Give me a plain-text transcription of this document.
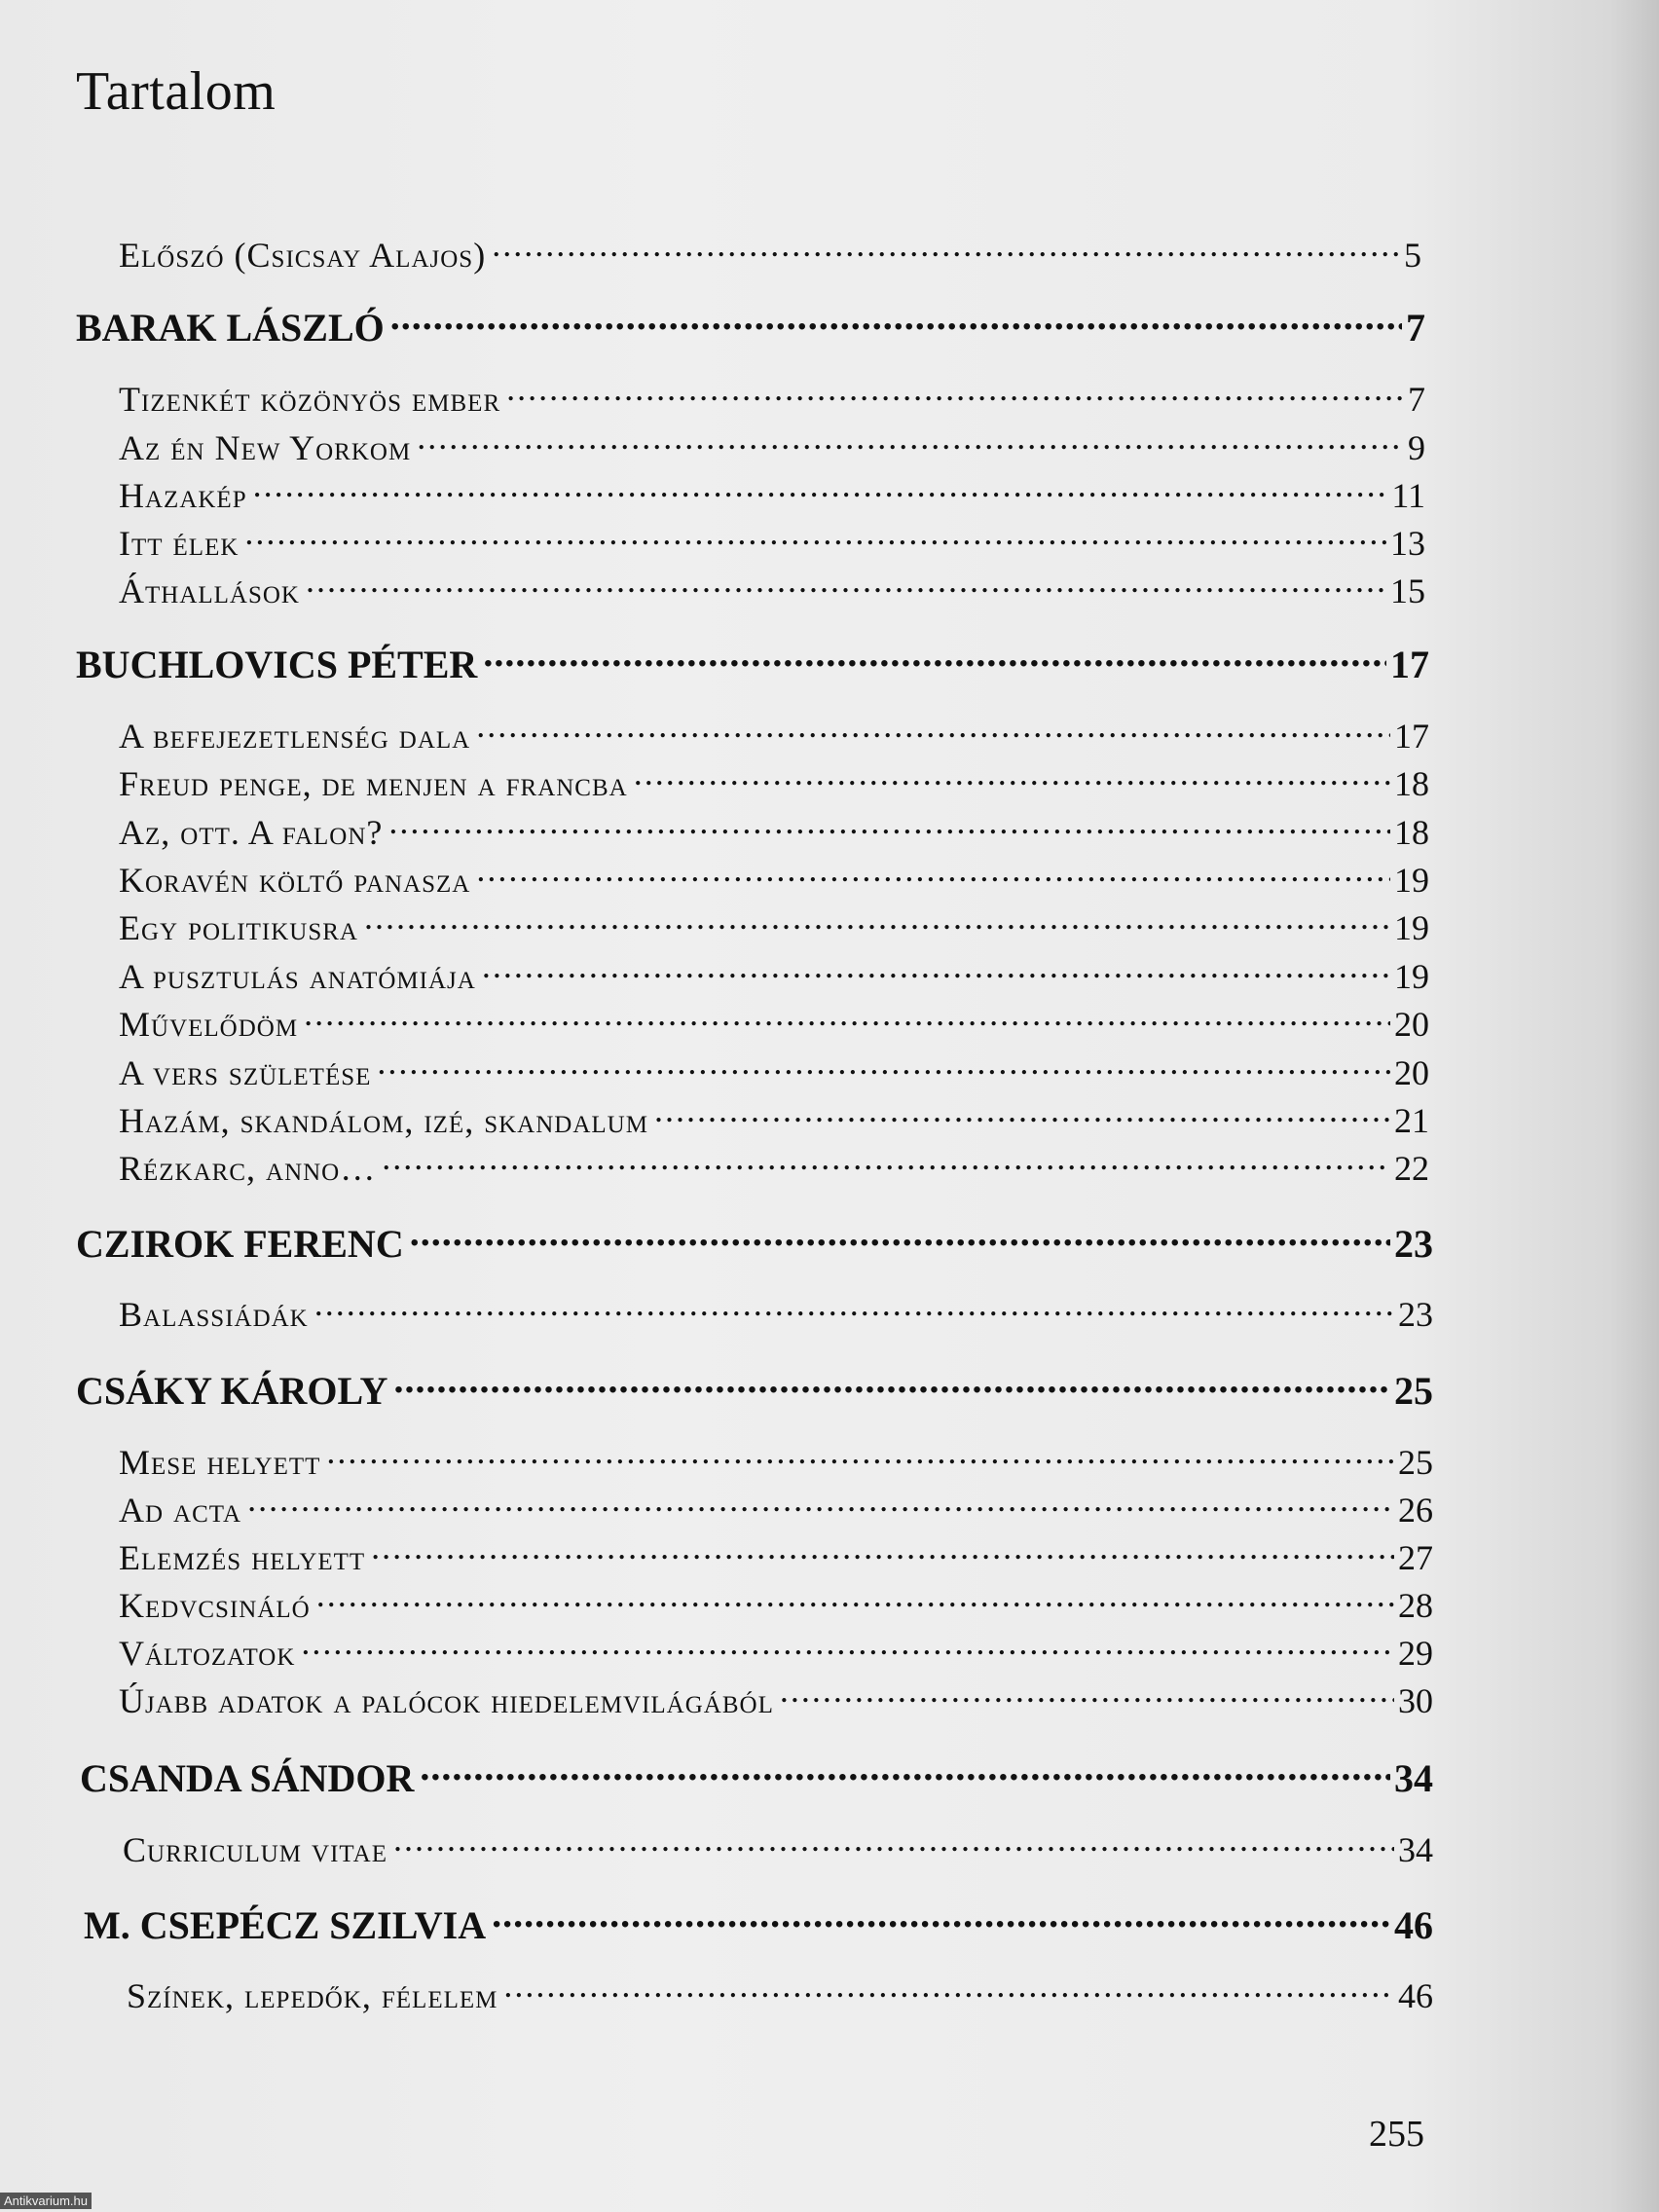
Tartalom
Előszó (Csicsay Alajos) .....	5
BARAK LÁSZLÓ .....	7
Tizenkét közönyös ember .....	7
Az én New Yorkom .....	9
Hazakép .....	11
Itt élek .....	13
Áthallások .....	15
BUCHLOVICS PÉTER .....	17
A befejezetlenség dala .....	17
Freud penge, de menjen a francba .....	18
Az, ott. A falon? .....	18
Koravén költő panasza .....	19
Egy politikusra .....	19
A pusztulás anatómiája .....	19
Művelődöm .....	20
A vers születése .....	20
Hazám, skandálom, izé, skandalum .....	21
Rézkarc, anno… .....	22
CZIROK FERENC .....	23
Balassiádák .....	23
CSÁKY KÁROLY .....	25
Mese helyett .....	25
Ad acta .....	26
Elemzés helyett .....	27
Kedvcsináló .....	28
Változatok .....	29
Újabb adatok a palócok hiedelemvilágából .....	30
CSANDA SÁNDOR .....	34
Curriculum vitae .....	34
M. CSEPÉCZ SZILVIA .....	46
Színek, lepedők, félelem .....	46
255
Antikvarium.hu
